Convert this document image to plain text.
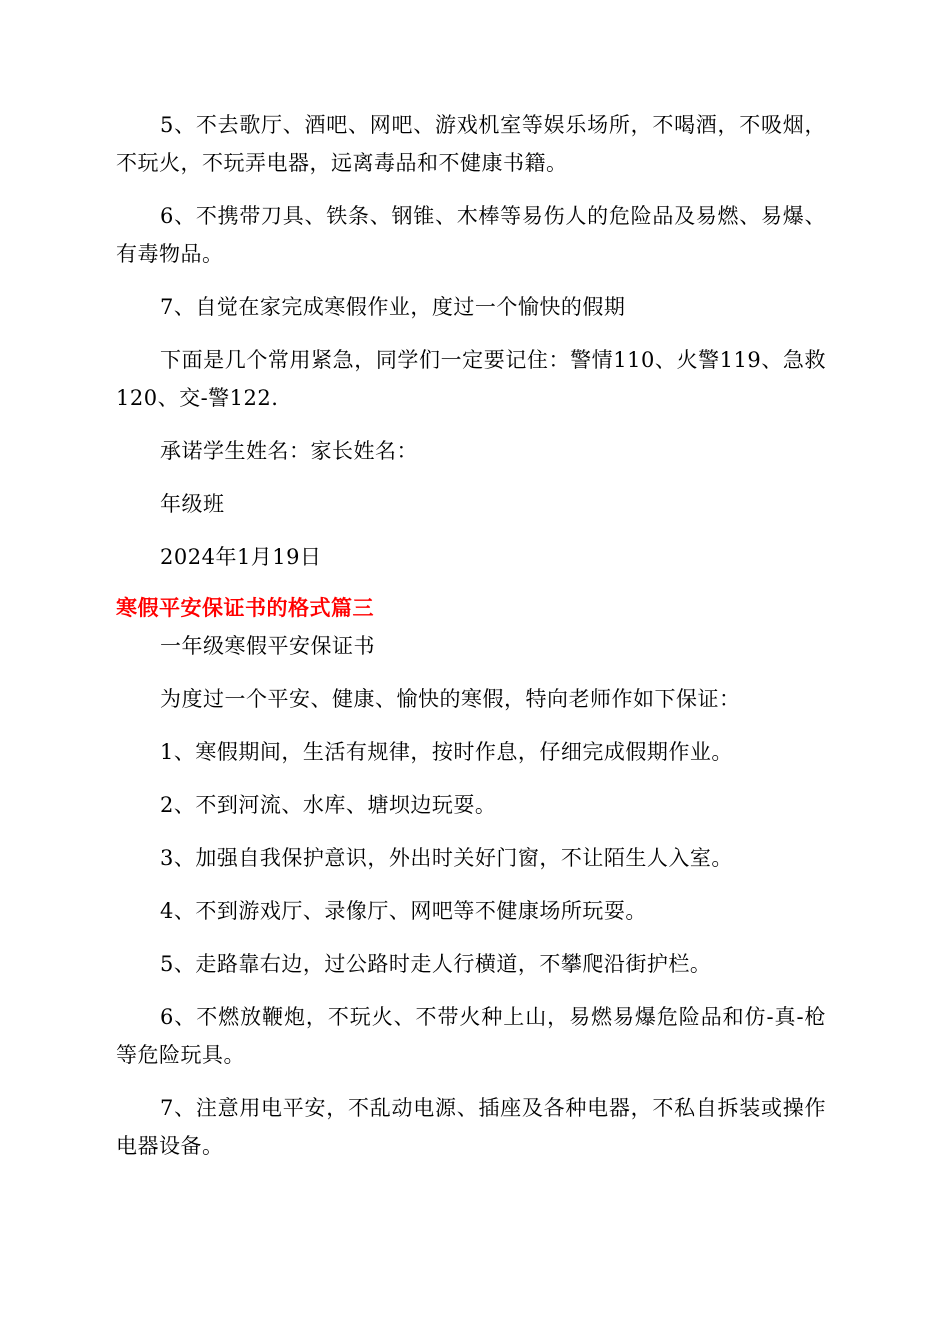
5、不去歌厅、酒吧、网吧、游戏机室等娱乐场所，不喝酒，不吸烟，不玩火，不玩弄电器，远离毒品和不健康书籍。

6、不携带刀具、铁条、钢锥、木棒等易伤人的危险品及易燃、易爆、有毒物品。

7、自觉在家完成寒假作业，度过一个愉快的假期

下面是几个常用紧急，同学们一定要记住：警情110、火警119、急救120、交-警122.

承诺学生姓名：家长姓名：

年级班

2024年1月19日

寒假平安保证书的格式篇三

一年级寒假平安保证书

为度过一个平安、健康、愉快的寒假，特向老师作如下保证：

1、寒假期间，生活有规律，按时作息，仔细完成假期作业。

2、不到河流、水库、塘坝边玩耍。

3、加强自我保护意识，外出时关好门窗，不让陌生人入室。

4、不到游戏厅、录像厅、网吧等不健康场所玩耍。

5、走路靠右边，过公路时走人行横道，不攀爬沿街护栏。

6、不燃放鞭炮，不玩火、不带火种上山，易燃易爆危险品和仿-真-枪等危险玩具。

7、注意用电平安，不乱动电源、插座及各种电器，不私自拆装或操作电器设备。
